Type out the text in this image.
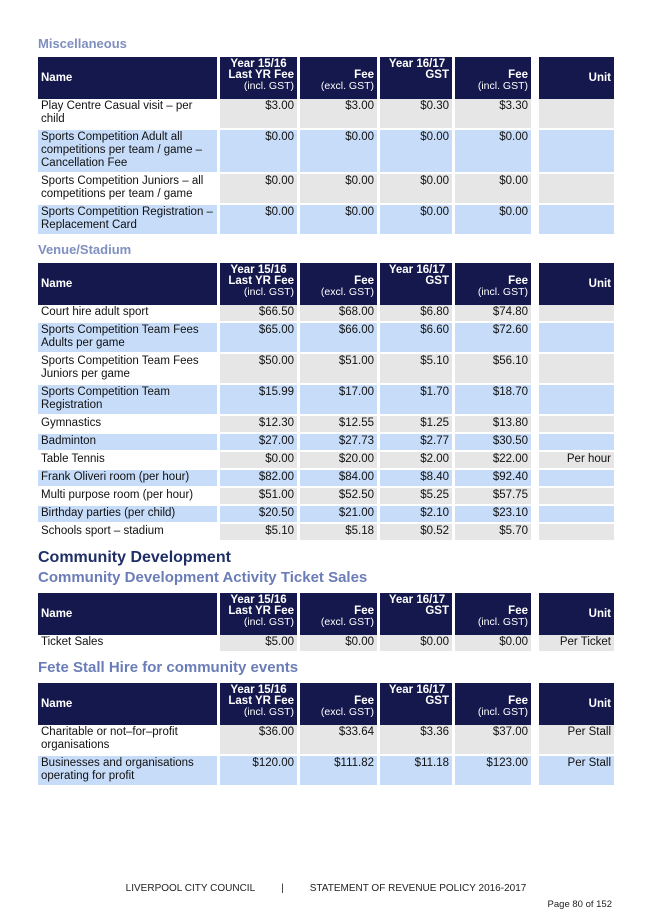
Miscellaneous
Name	Year 15/16
Last YR Fee
(incl. GST)	Fee
(excl. GST)
Year 16/17	GST	Fee
(incl. GST)		Unit
Play Centre Casual visit – per child	$3.00	$3.00	$0.30	$3.30		
Sports Competition Adult all competitions per team / game – Cancellation Fee	$0.00	$0.00	$0.00	$0.00		
Sports Competition Juniors – all competitions per team / game	$0.00	$0.00	$0.00	$0.00		
Sports Competition Registration – Replacement Card	$0.00	$0.00	$0.00	$0.00		
Venue/Stadium
Name	Year 15/16
Last YR Fee
(incl. GST)	Fee
(excl. GST)
Year 16/17	GST	Fee
(incl. GST)		Unit
Court hire adult sport	$66.50	$68.00	$6.80	$74.80		
Sports Competition Team Fees Adults per game	$65.00	$66.00	$6.60	$72.60		
Sports Competition Team Fees Juniors per game	$50.00	$51.00	$5.10	$56.10		
Sports Competition Team Registration	$15.99	$17.00	$1.70	$18.70		
Gymnastics	$12.30	$12.55	$1.25	$13.80		
Badminton	$27.00	$27.73	$2.77	$30.50		
Table Tennis	$0.00	$20.00	$2.00	$22.00		Per hour
Frank Oliveri room (per hour)	$82.00	$84.00	$8.40	$92.40		
Multi purpose room (per hour)	$51.00	$52.50	$5.25	$57.75		
Birthday parties (per child)	$20.50	$21.00	$2.10	$23.10		
Schools sport – stadium	$5.10	$5.18	$0.52	$5.70		
Community Development
Community Development Activity Ticket Sales
Name	Year 15/16
Last YR Fee
(incl. GST)	Fee
(excl. GST)
Year 16/17	GST	Fee
(incl. GST)		Unit
Ticket Sales	$5.00	$0.00	$0.00	$0.00		Per Ticket
Fete Stall Hire for community events
Name	Year 15/16
Last YR Fee
(incl. GST)	Fee
(excl. GST)
Year 16/17	GST	Fee
(incl. GST)		Unit
Charitable or not–for–profit organisations	$36.00	$33.64	$3.36	$37.00		Per Stall
Businesses and organisations operating for profit	$120.00	$111.82	$11.18	$123.00		Per Stall
LIVERPOOL CITY COUNCIL	|	STATEMENT OF REVENUE POLICY 2016-2017
Page 80 of 152
